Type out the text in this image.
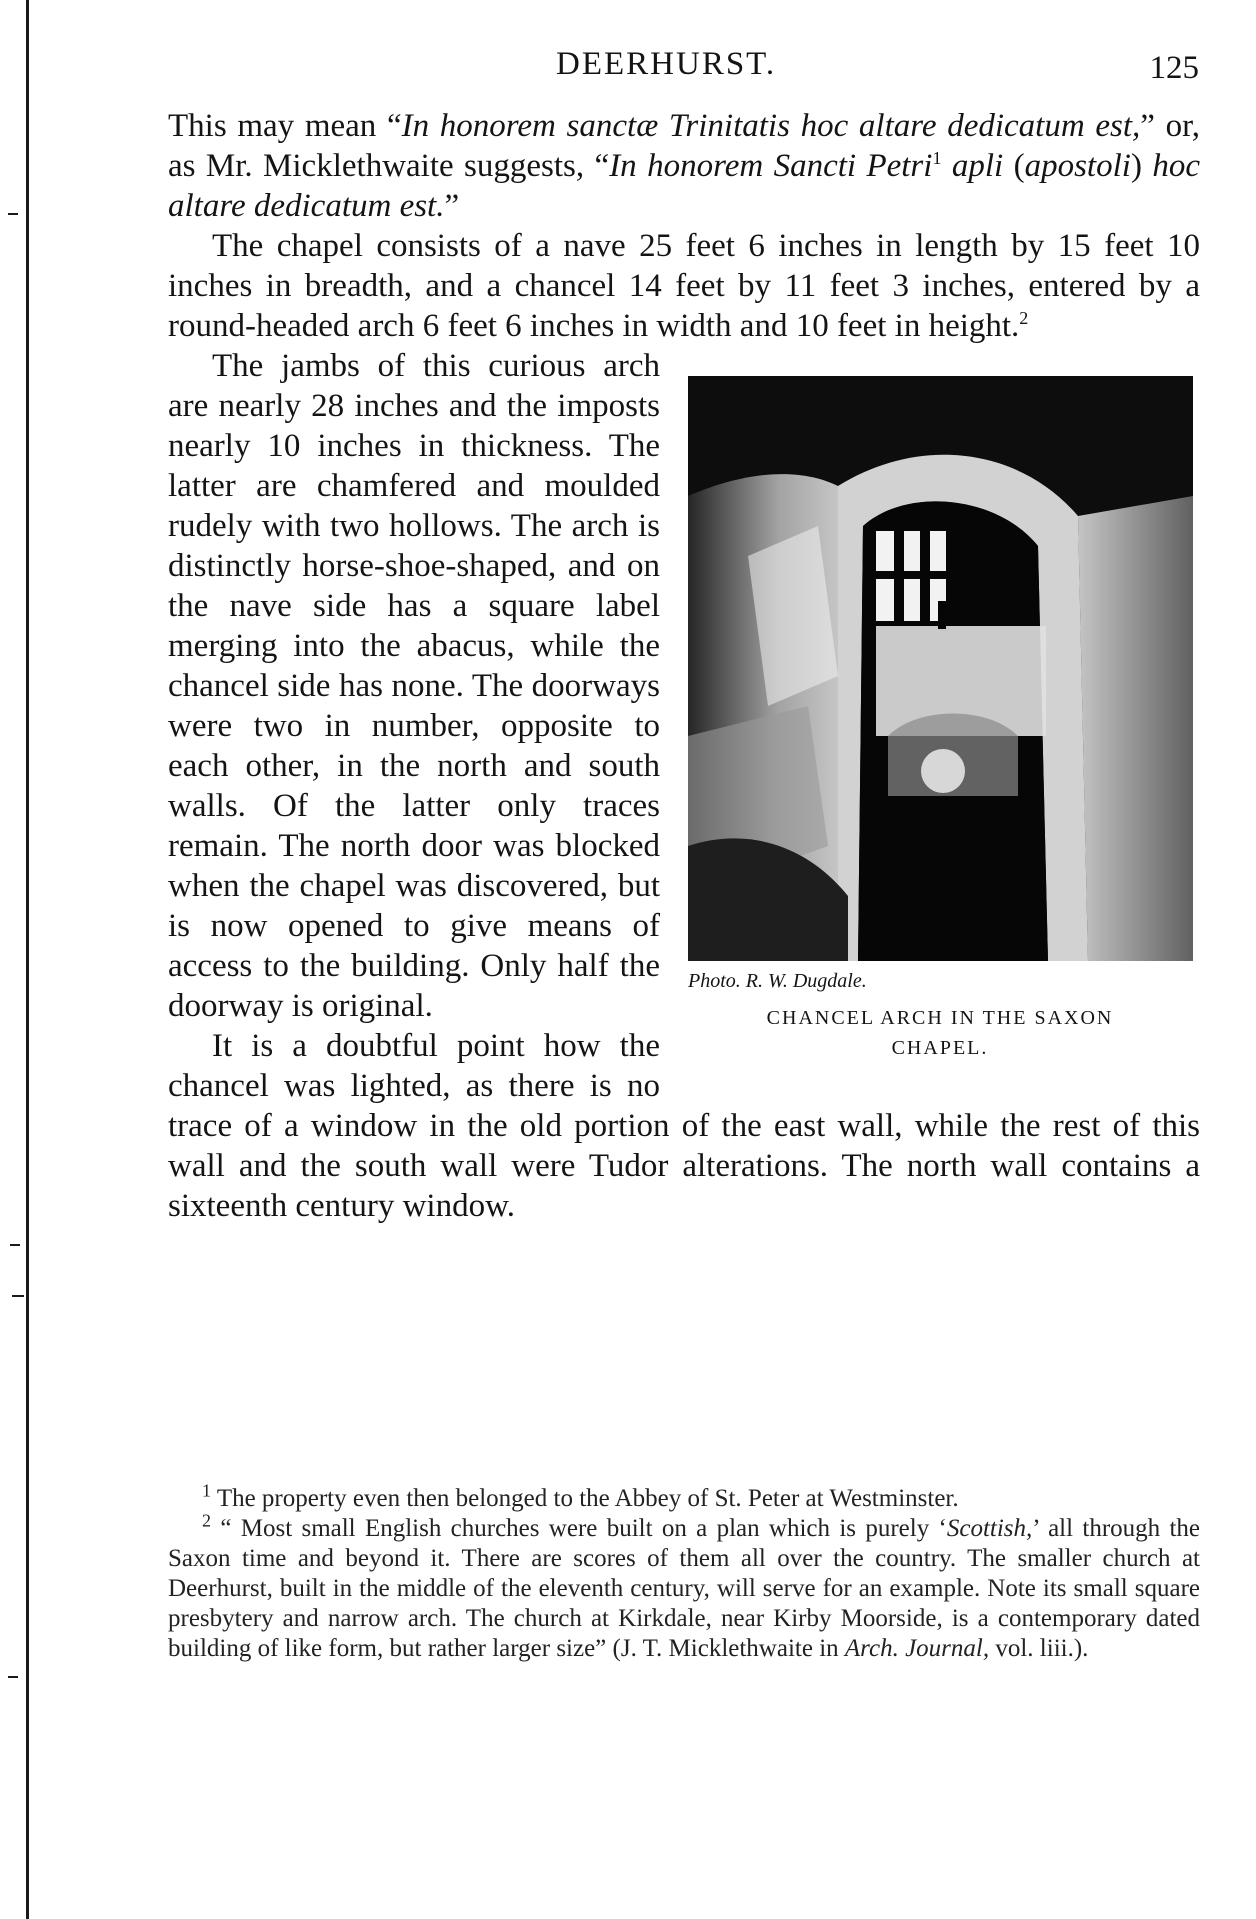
DEERHURST.	125

This may mean “In honorem sanctæ Trinitatis hoc altare dedicatum est,” or, as Mr. Micklethwaite suggests, “In honorem Sancti Petri$^1$ apli (apostoli) hoc altare dedicatum est.”

The chapel consists of a nave 25 feet 6 inches in length by 15 feet 10 inches in breadth, and a chancel 14 feet by 11 feet 3 inches, entered by a round-headed arch 6 feet 6 inches in width and 10 feet in height.$^2$

Photo. R. W. Dugdale.
CHANCEL ARCH IN THE SAXON
CHAPEL.

The jambs of this curious arch are nearly 28 inches and the imposts nearly 10 inches in thickness. The latter are chamfered and moulded rudely with two hollows. The arch is distinctly horse-shoe-shaped, and on the nave side has a square label merging into the abacus, while the chancel side has none. The doorways were two in number, opposite to each other, in the north and south walls. Of the latter only traces remain. The north door was blocked when the chapel was discovered, but is now opened to give means of access to the building. Only half the doorway is original.

It is a doubtful point how the chancel was lighted, as there is no trace of a window in the old portion of the east wall, while the rest of this wall and the south wall were Tudor alterations. The north wall contains a sixteenth century window.

$^1$ The property even then belonged to the Abbey of St. Peter at Westminster.

$^2$ “ Most small English churches were built on a plan which is purely ‘Scottish,’ all through the Saxon time and beyond it. There are scores of them all over the country. The smaller church at Deerhurst, built in the middle of the eleventh century, will serve for an example. Note its small square presbytery and narrow arch. The church at Kirkdale, near Kirby Moorside, is a contemporary dated building of like form, but rather larger size” (J. T. Micklethwaite in Arch. Journal, vol. liii.).
